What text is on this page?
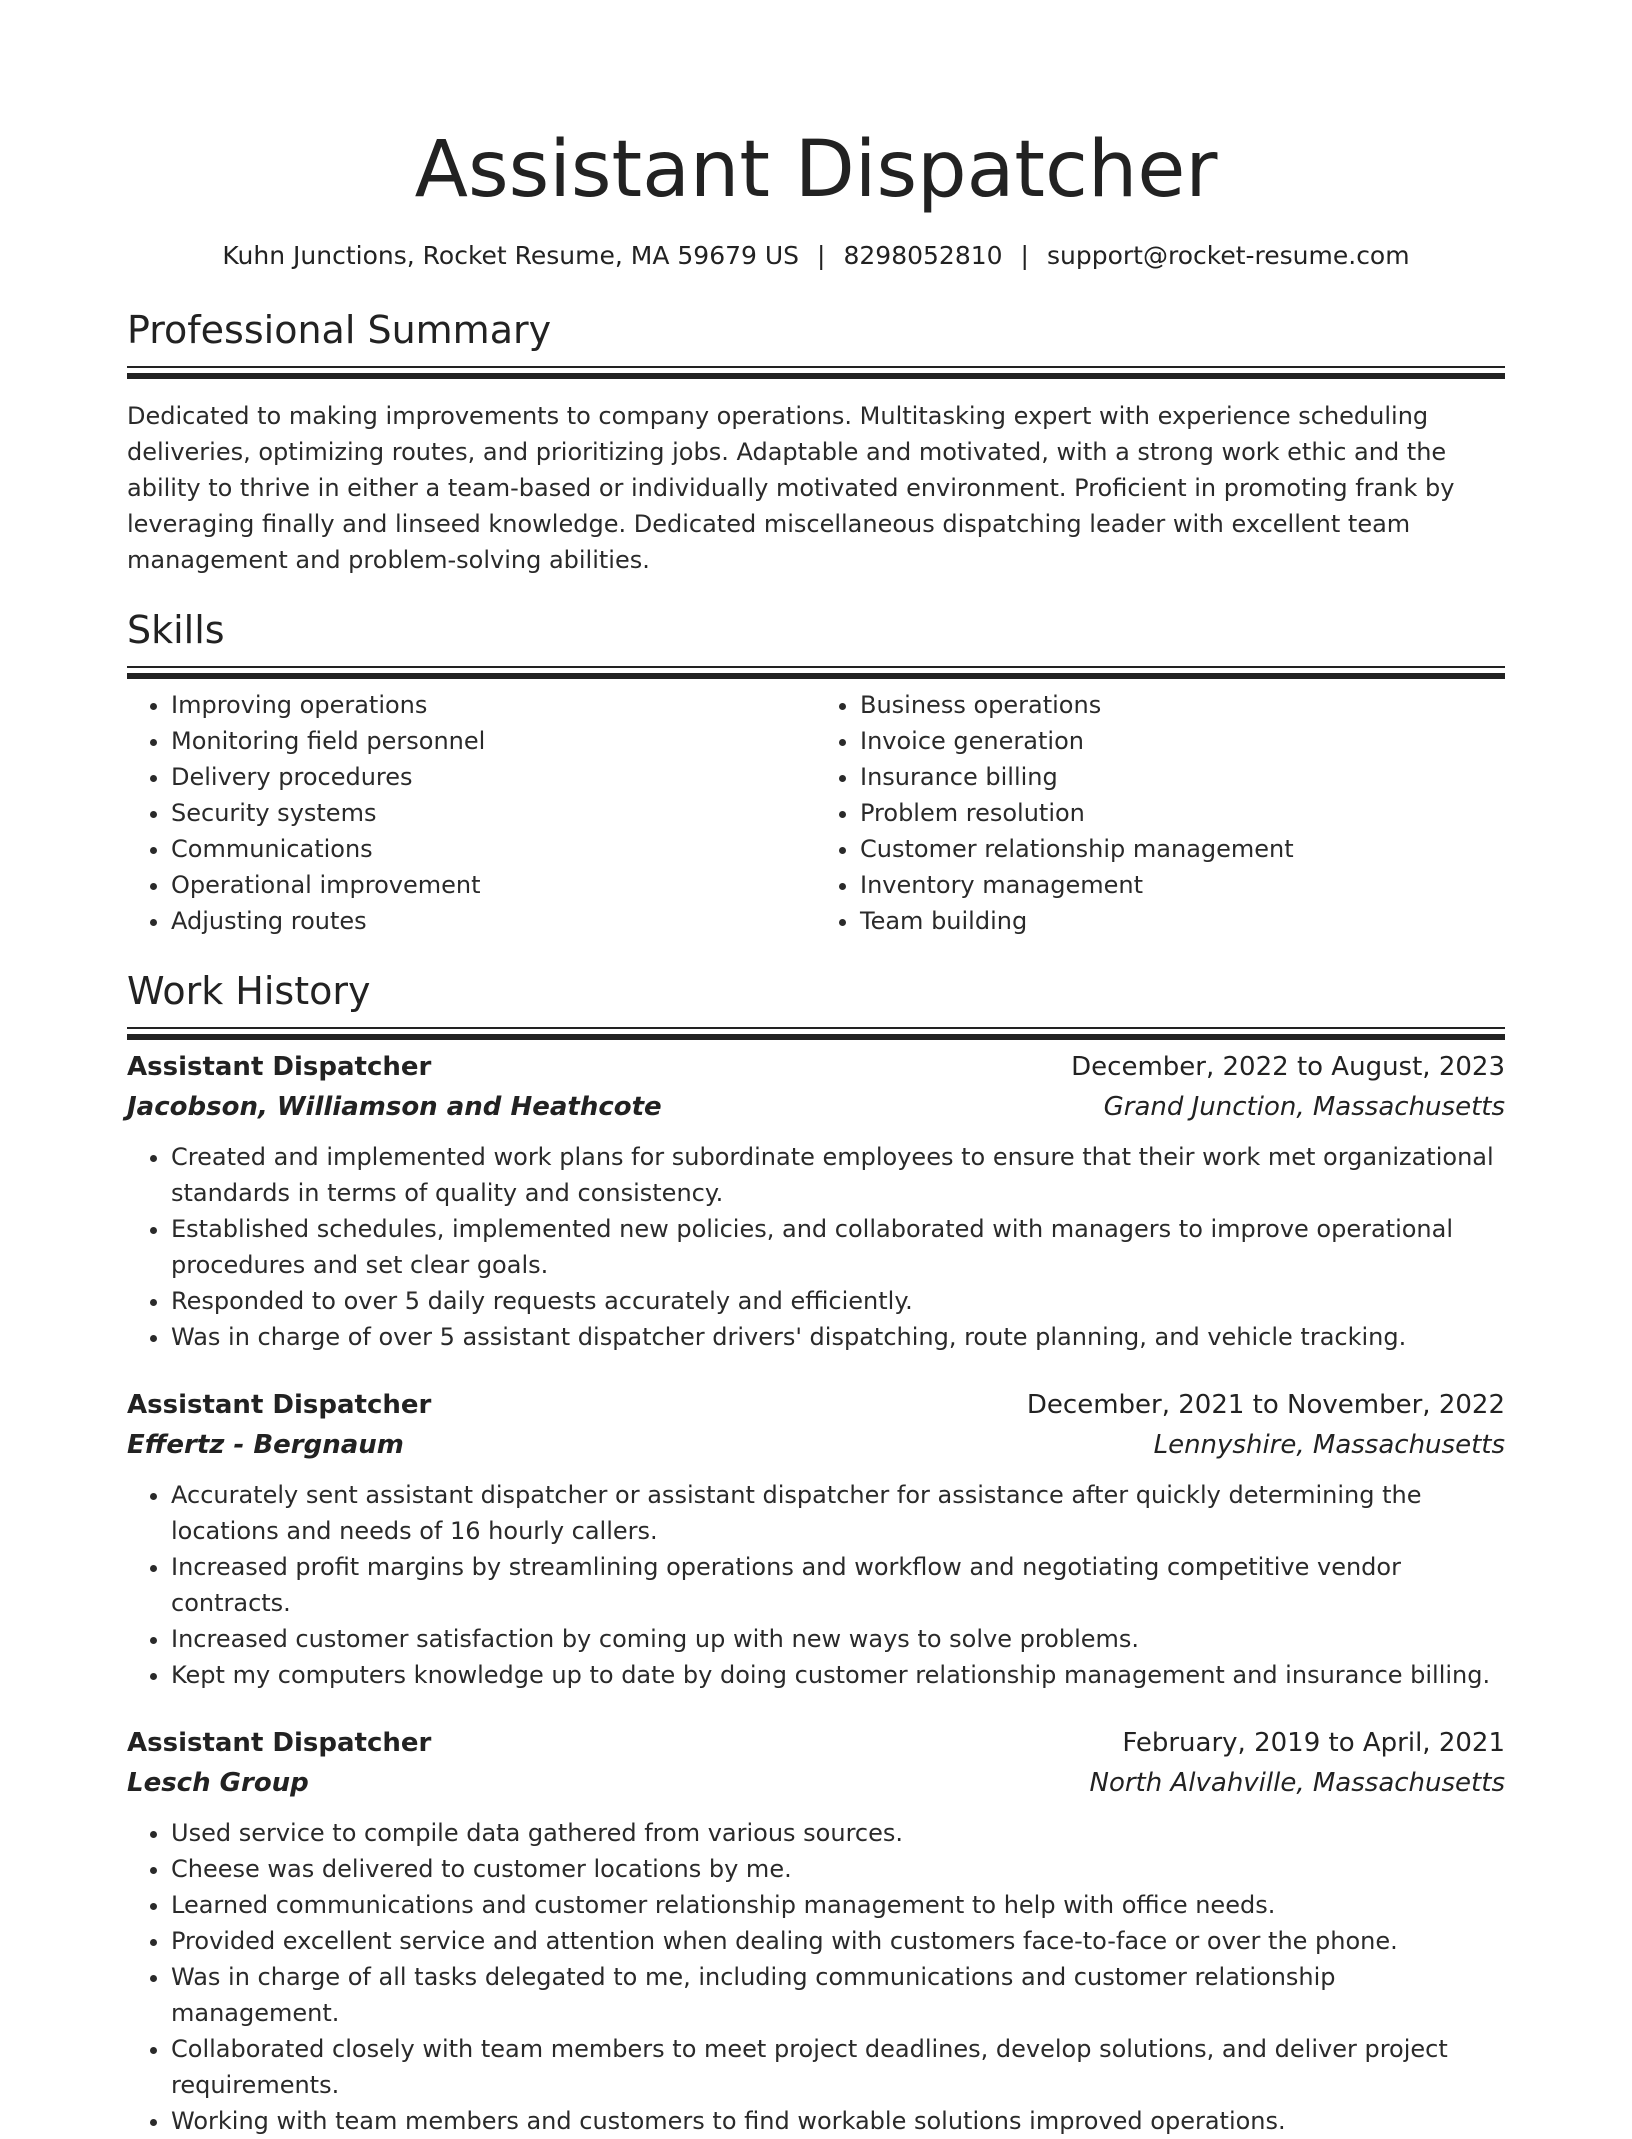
Assistant Dispatcher
Kuhn Junctions, Rocket Resume, MA 59679 US | 8298052810 | support@rocket-resume.com
Professional Summary

Dedicated to making improvements to company operations. Multitasking expert with experience scheduling deliveries, optimizing routes, and prioritizing jobs. Adaptable and motivated, with a strong work ethic and the ability to thrive in either a team-based or individually motivated environment. Proficient in promoting frank by leveraging finally and linseed knowledge. Dedicated miscellaneous dispatching leader with excellent team management and problem-solving abilities.

Skills
• Improving operations
• Monitoring field personnel
• Delivery procedures
• Security systems
• Communications
• Operational improvement
• Adjusting routes
• Business operations
• Invoice generation
• Insurance billing
• Problem resolution
• Customer relationship management
• Inventory management
• Team building
Work History
Assistant Dispatcher	December, 2022 to August, 2023
Jacobson, Williamson and Heathcote	Grand Junction, Massachusetts
• Created and implemented work plans for subordinate employees to ensure that their work met organizational standards in terms of quality and consistency.
• Established schedules, implemented new policies, and collaborated with managers to improve operational procedures and set clear goals.
• Responded to over 5 daily requests accurately and efficiently.
• Was in charge of over 5 assistant dispatcher drivers' dispatching, route planning, and vehicle tracking.
Assistant Dispatcher	December, 2021 to November, 2022
Effertz - Bergnaum	Lennyshire, Massachusetts
• Accurately sent assistant dispatcher or assistant dispatcher for assistance after quickly determining the locations and needs of 16 hourly callers.
• Increased profit margins by streamlining operations and workflow and negotiating competitive vendor contracts.
• Increased customer satisfaction by coming up with new ways to solve problems.
• Kept my computers knowledge up to date by doing customer relationship management and insurance billing.
Assistant Dispatcher	February, 2019 to April, 2021
Lesch Group	North Alvahville, Massachusetts
• Used service to compile data gathered from various sources.
• Cheese was delivered to customer locations by me.
• Learned communications and customer relationship management to help with office needs.
• Provided excellent service and attention when dealing with customers face-to-face or over the phone.
• Was in charge of all tasks delegated to me, including communications and customer relationship management.
• Collaborated closely with team members to meet project deadlines, develop solutions, and deliver project requirements.
• Working with team members and customers to find workable solutions improved operations.
